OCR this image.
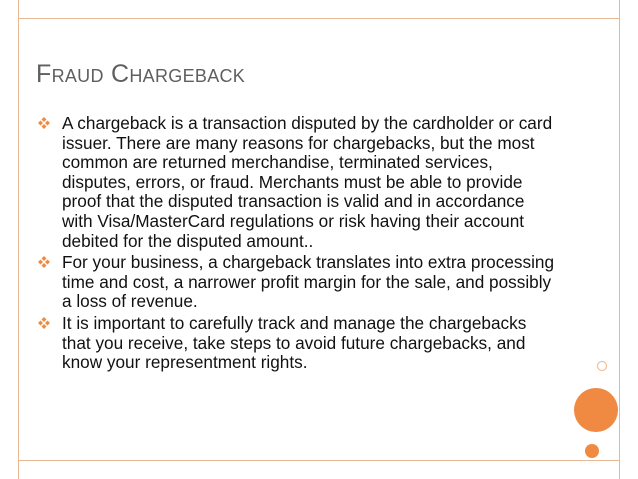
Fraud Chargeback
A chargeback is a transaction disputed by the cardholder or card issuer. There are many reasons for chargebacks, but the most common are returned merchandise, terminated services, disputes, errors, or fraud. Merchants must be able to provide proof that the disputed transaction is valid and in accordance with Visa/MasterCard regulations or risk having their account debited for the disputed amount..
For your business, a chargeback translates into extra processing time and cost, a narrower profit margin for the sale, and possibly a loss of revenue.
It is important to carefully track and manage the chargebacks that you receive, take steps to avoid future chargebacks, and know your representment rights.
